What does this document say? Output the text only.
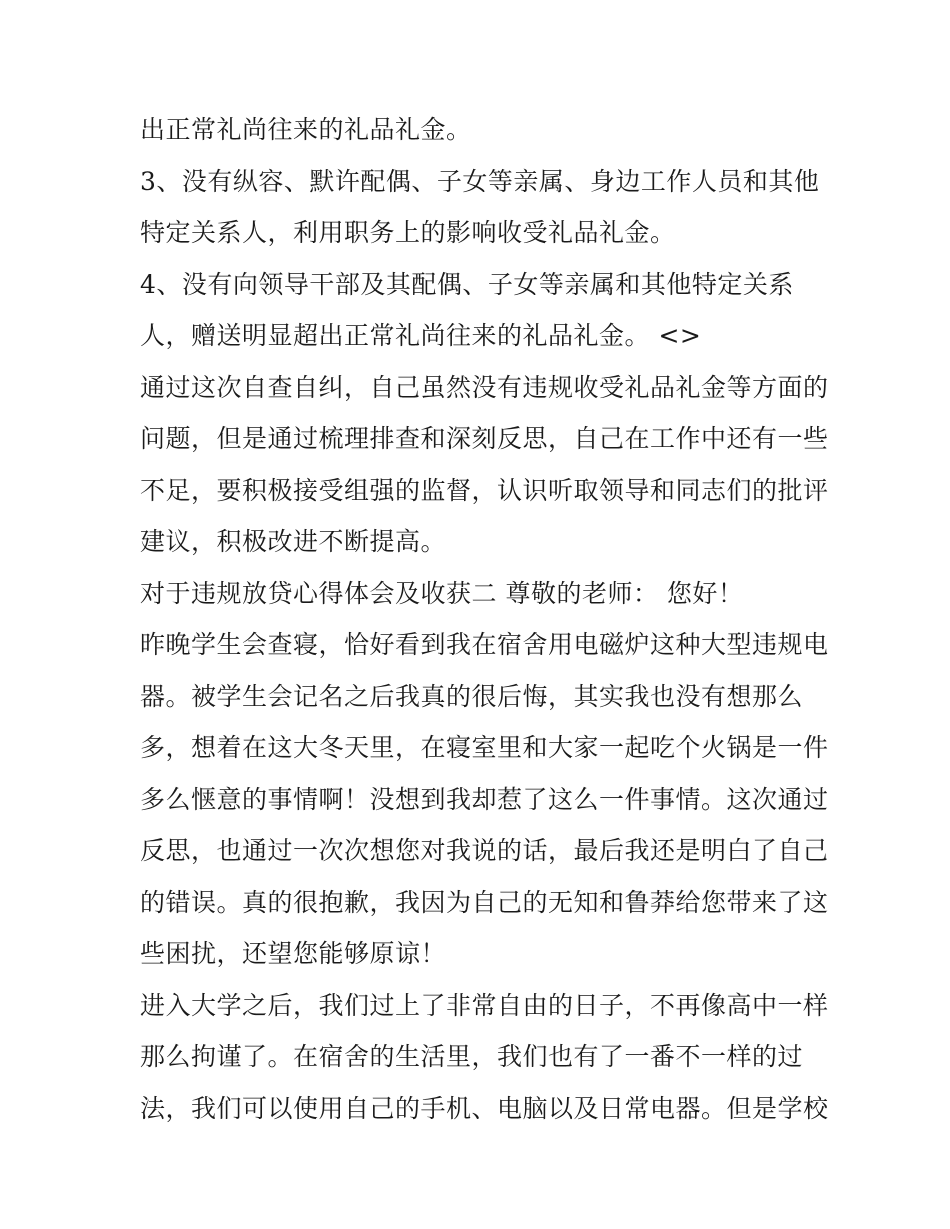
出正常礼尚往来的礼品礼金。
3、没有纵容、默许配偶、子女等亲属、身边工作人员和其他
特定关系人，利用职务上的影响收受礼品礼金。
4、没有向领导干部及其配偶、子女等亲属和其他特定关系
人，赠送明显超出正常礼尚往来的礼品礼金。 <>
通过这次自查自纠，自己虽然没有违规收受礼品礼金等方面的
问题，但是通过梳理排查和深刻反思，自己在工作中还有一些
不足，要积极接受组强的监督，认识听取领导和同志们的批评
建议，积极改进不断提高。
对于违规放贷心得体会及收获二 尊敬的老师： 您好！
昨晚学生会查寝，恰好看到我在宿舍用电磁炉这种大型违规电
器。被学生会记名之后我真的很后悔，其实我也没有想那么
多，想着在这大冬天里，在寝室里和大家一起吃个火锅是一件
多么惬意的事情啊！没想到我却惹了这么一件事情。这次通过
反思，也通过一次次想您对我说的话，最后我还是明白了自己
的错误。真的很抱歉，我因为自己的无知和鲁莽给您带来了这
些困扰，还望您能够原谅！
进入大学之后，我们过上了非常自由的日子，不再像高中一样
那么拘谨了。在宿舍的生活里，我们也有了一番不一样的过
法，我们可以使用自己的手机、电脑以及日常电器。但是学校
